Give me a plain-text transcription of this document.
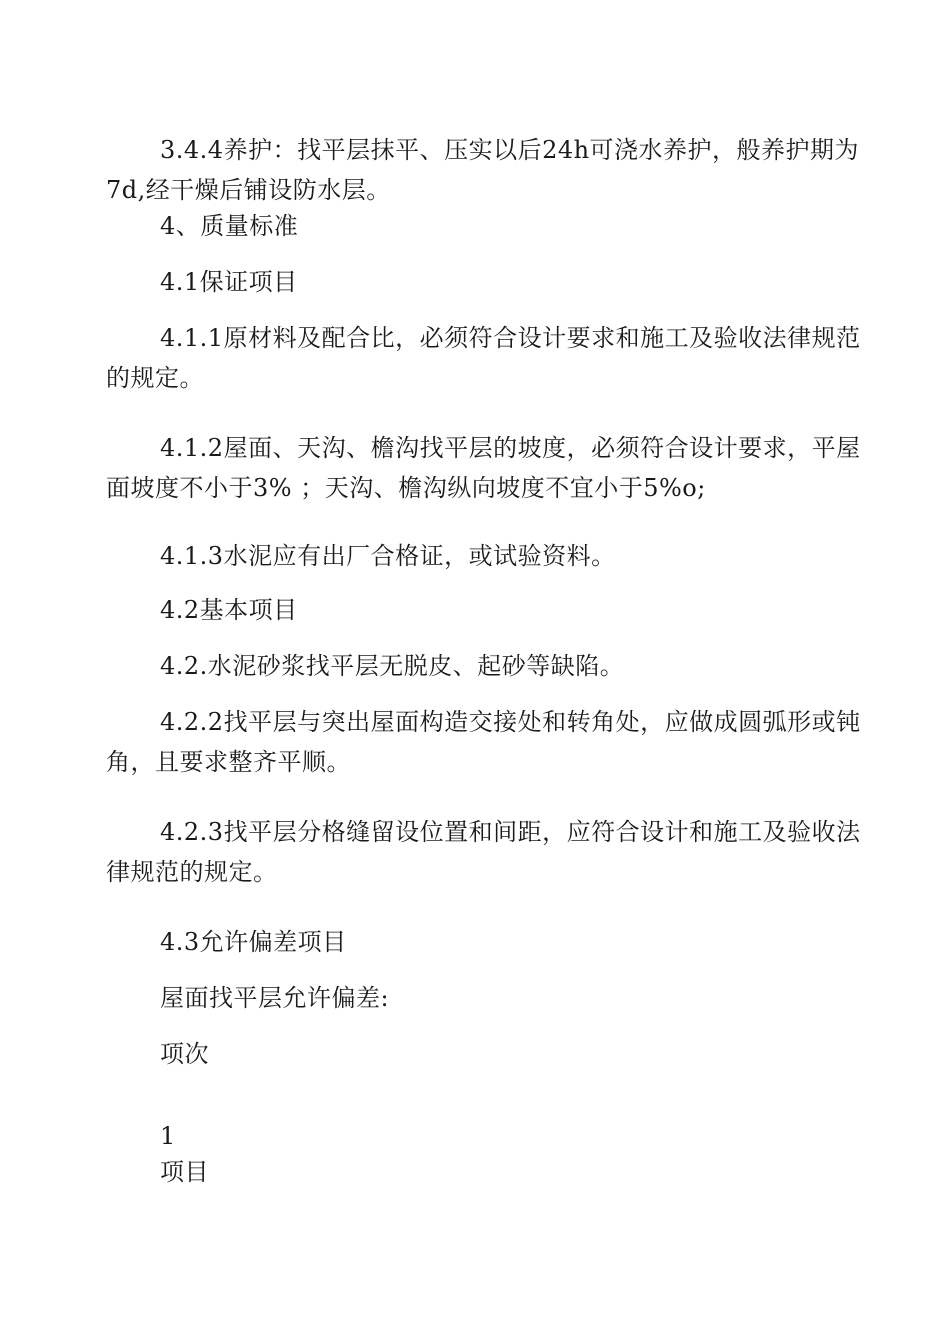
3.4.4养护：找平层抹平、压实以后24h可浇水养护，般养护期为7d,经干燥后铺设防水层。

4、质量标准

4.1保证项目

4.1.1原材料及配合比，必须符合设计要求和施工及验收法律规范的规定。

4.1.2屋面、天沟、檐沟找平层的坡度，必须符合设计要求，平屋面坡度不小于3% ；天沟、檐沟纵向坡度不宜小于5%o;

4.1.3水泥应有出厂合格证，或试验资料。

4.2基本项目

4.2.水泥砂浆找平层无脱皮、起砂等缺陷。

4.2.2找平层与突出屋面构造交接处和转角处，应做成圆弧形或钝角，且要求整齐平顺。

4.2.3找平层分格缝留设位置和间距，应符合设计和施工及验收法律规范的规定。

4.3允许偏差项目

屋面找平层允许偏差:

项次

1

项目
